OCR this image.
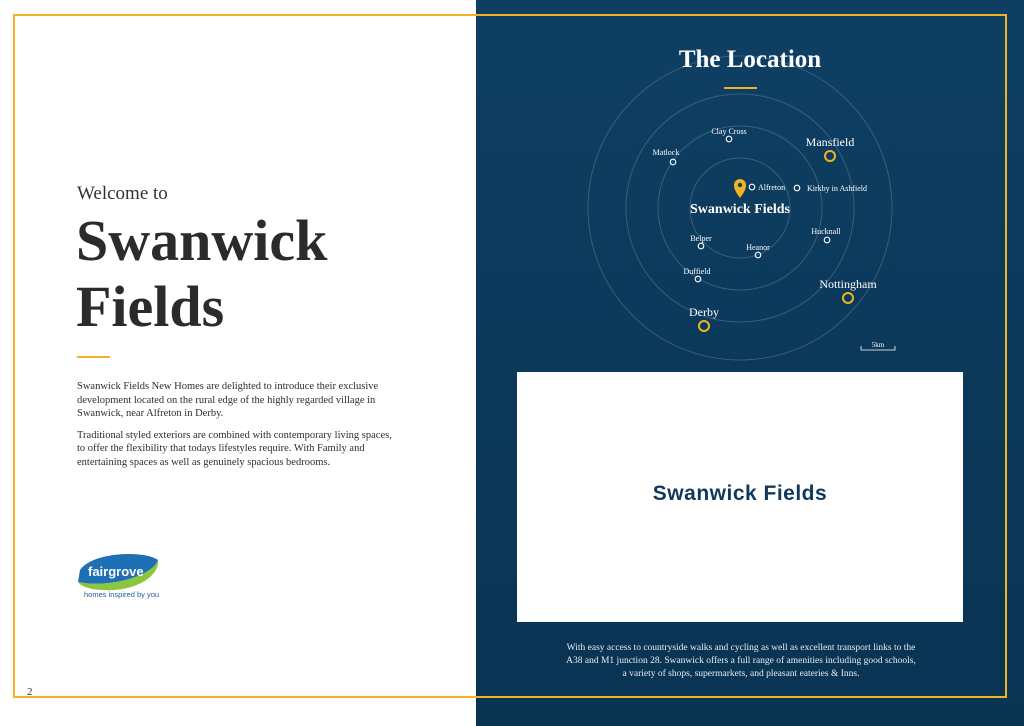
Welcome to
Swanwick
Fields

Swanwick Fields New Homes are delighted to introduce their exclusive development located on the rural edge of the highly regarded village in Swanwick, near Alfreton in Derby.

Traditional styled exteriors are combined with contemporary living spaces, to offer the flexibility that todays lifestyles require. With Family and entertaining spaces as well as genuinely spacious bedrooms.

fairgrove
homes inspired by you
2
Clay Cross
Matlock
Mansfield
Alfreton	Kirkby in Ashfield
Swanwick Fields
Hucknall
Belper
Heanor
Duffield
Nottingham
Derby
5km
The Location
Swanwick Fields
With easy access to countryside walks and cycling as well as excellent transport links to the A38 and M1 junction 28. Swanwick offers a full range of amenities including good schools, a variety of shops, supermarkets, and pleasant eateries & Inns.
